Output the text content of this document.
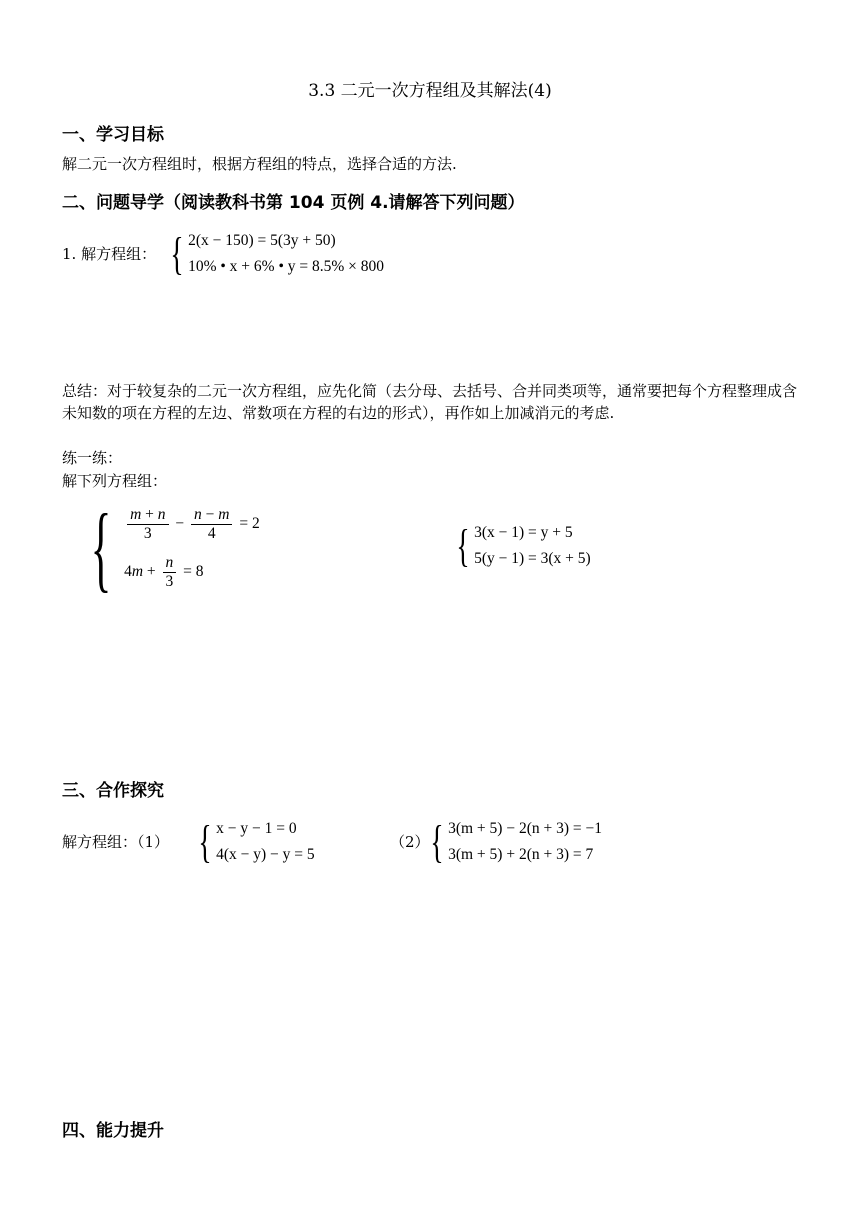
3.3 二元一次方程组及其解法(4)
一、学习目标
解二元一次方程组时，根据方程组的特点，选择合适的方法.
二、问题导学（阅读教科书第 104 页例 4.请解答下列问题）
1. 解方程组： { 2(x − 150) = 5(3y + 50)
10% • x + 6% • y = 8.5% × 800
总结：对于较复杂的二元一次方程组，应先化简（去分母、去括号、合并同类项等，通常要把每个方程整理成含未知数的项在方程的左边、常数项在方程的右边的形式），再作如上加减消元的考虑.
练一练：
解下列方程组：
{ $\frac{m + n}{3} - \frac{n - m}{4} = 2$
$4m + \frac{n}{3} = 8$
{ 3(x − 1) = y + 5
5(y − 1) = 3(x + 5)
三、合作探究
解方程组：（1） { x − y − 1 = 0
4(x − y) − y = 5
（2） { 3(m + 5) − 2(n + 3) = −1
3(m + 5) + 2(n + 3) = 7
四、能力提升
